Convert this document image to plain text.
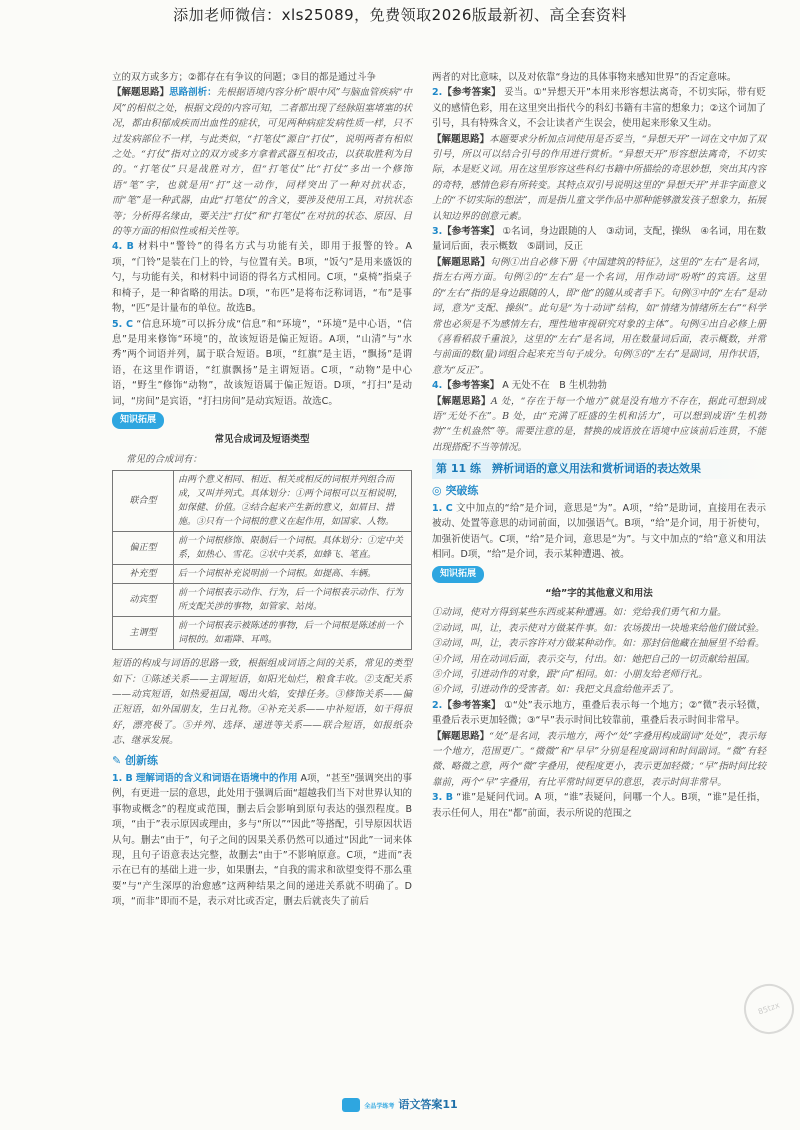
添加老师微信：xls25089，免费领取2026版最新初、高全套资料

立的双方或多方；②都存在有争议的问题；③目的都是通过斗争

【解题思路】思路剖析：先根据语境内容分析“眼中风”与脑血管疾病“中风”的相似之处，根据文段的内容可知，二者都出现了经脉阻塞堵塞的状况，都由积郁成疾而出血性的症状，可见两种病症发病性质一样，只不过发病部位不一样，与此类似，“打笔仗”源自“打仗”，说明两者有相似之处。“打仗”指对立的双方或多方拿着武器互相攻击，以获取胜利为目的。“打笔仗”只是战胜对方，但“打笔仗”比“打仗”多出一个修饰语“笔”字，也就是用“打”这一动作，同样突出了一种对抗状态，而“笔”是一种武器，由此“打笔仗”的含义，要涉及使用工具，对抗状态等；分析得名缘由，要关注“打仗”和“打笔仗”在对抗的状态、原因、目的等方面的相似性或相关性等。

4. B 材料中“警铃”的得名方式与功能有关，即用于报警的铃。A项，“门铃”是装在门上的铃，与位置有关。B项，“饭勺”是用来盛饭的勺，与功能有关，和材料中词语的得名方式相同。C项，“桌椅”指桌子和椅子，是一种省略的用法。D项，“布匹”是将布泛称词语，“布”是事物，“匹”是计量布的单位。故选B。

5. C “信息环境”可以拆分成“信息”和“环境”，“环境”是中心语，“信息”是用来修饰“环境”的，故该短语是偏正短语。A项，“山清”与“水秀”两个词语并列，属于联合短语。B项，“红旗”是主语，“飘扬”是谓语，在这里作谓语，“红旗飘扬”是主谓短语。C项，“动物”是中心语，“野生”修饰“动物”，故该短语属于偏正短语。D项，“打扫”是动词，“房间”是宾语，“打扫房间”是动宾短语。故选C。

知识拓展
常见合成词及短语类型
常见的合成词有：
联合型	由两个意义相同、相近、相关或相反的词根并列组合而成，又叫并列式。具体划分：①两个词根可以互相说明，如保健、价值。②结合起来产生新的意义，如眉目、措施。③只有一个词根的意义在起作用，如国家、人物。
偏正型	前一个词根修饰、限制后一个词根。具体划分：①定中关系，如热心、雪花。②状中关系，如蜂飞、笔直。
补充型	后一个词根补充说明前一个词根。如提高、车辆。
动宾型	前一个词根表示动作、行为，后一个词根表示动作、行为所支配关涉的事物，如管家、站岗。
主谓型	前一个词根表示被陈述的事物，后一个词根是陈述前一个词根的。如霜降、耳鸣。

短语的构成与词语的思路一致，根据组成词语之间的关系，常见的类型如下：①陈述关系——主谓短语，如阳光灿烂，粮食丰收。②支配关系——动宾短语，如热爱祖国，喝出火焰，安排任务。③修饰关系——偏正短语，如外国朋友，生日礼物。④补充关系——中补短语，如干得很好，漂亮极了。⑤并列、选择、递进等关系——联合短语，如报纸杂志、继承发展。

✎ 创新练

1. B 理解词语的含义和词语在语境中的作用 A项，“甚至”强调突出的事例，有更进一层的意思，此处用于强调后面“超越我们当下对世界认知的事物或概念”的程度或范围，删去后会影响到原句表达的强烈程度。B项，“由于”表示原因或理由，多与“所以”“因此”等搭配，引导原因状语从句。删去“由于”，句子之间的因果关系仍然可以通过“因此”一词来体现，且句子语意表达完整，故删去“由于”不影响原意。C项，“进而”表示在已有的基础上进一步，如果删去，“自我的需求和欲望变得不那么重要”与“产生深厚的治愈感”这两种结果之间的递进关系就不明确了。D项，“而非”即而不是，表示对比或否定，删去后就丧失了前后

两者的对比意味，以及对依靠“身边的具体事物来感知世界”的否定意味。

2.【参考答案】 妥当。①“异想天开”本用来形容想法离奇，不切实际，带有贬义的感情色彩，用在这里突出指代今的科幻书籍有丰富的想象力；②这个词加了引号，具有特殊含义，不会让读者产生误会，使用起来形象又生动。

【解题思路】本题要求分析加点词使用是否妥当，“异想天开”一词在文中加了双引号，所以可以结合引号的作用进行赏析。“异想天开”形容想法离奇，不切实际，本是贬义词。用在这里形容这些科幻书籍中所描绘的奇思妙想，突出其内容的奇特，感情色彩有所转变。其特点双引号说明这里的“异想天开”并非字面意义上的“不切实际的想法”，而是指儿童文学作品中那种能够激发孩子想象力，拓展认知边界的创意元素。

3.【参考答案】 ①名词，身边跟随的人　③动词，支配，操纵　④名词，用在数量词后面，表示概数　⑤副词，反正

【解题思路】句例①出自必修下册《中国建筑的特征》，这里的“左右”是名词，指左右两方面。句例②的“左右”是一个名词，用作动词“吩咐”的宾语。这里的“左右”指的是身边跟随的人，即“他”的随从或者手下。句例③中的“左右”是动词，意为“支配、操纵”。此句是“为十动词”结构，如“情绪为情绪所左右”“科学常也必须是不为感情左右，理性地审视研究对象的主体”。句例④出自必修上册《喜看稻菽千重浪》，这里的“左右”是名词，用在数量词后面，表示概数，并常与前面的数(量)词组合起来充当句子成分。句例⑤的“左右”是副词，用作状语，意为“反正”。

4.【参考答案】 A 无处不在　B 生机勃勃

【解题思路】A 处，“存在于每一个地方”就是没有地方不存在，据此可想到成语“无处不在”。B 处，由“充满了旺盛的生机和活力”，可以想到成语“生机勃勃”“生机盎然”等。需要注意的是，替换的成语放在语境中应该前后连贯，不能出现搭配不当等情况。

第 11 练　辨析词语的意义用法和赏析词语的表达效果
◎ 突破练

1. C 文中加点的“给”是介词，意思是“为”。A项，“给”是助词，直接用在表示被动、处置等意思的动词前面，以加强语气。B项，“给”是介词，用于祈使句，加强祈使语气。C项，“给”是介词，意思是“为”。与文中加点的“给”意义和用法相同。D项，“给”是介词，表示某种遭遇、被。

知识拓展
“给”字的其他意义和用法

①动词，使对方得到某些东西或某种遭遇。如：党给我们勇气和力量。

②动词，叫，让，表示使对方做某件事。如：农场拨出一块地来给他们做试验。

③动词，叫，让，表示容许对方做某种动作。如：那封信他藏在抽屉里不给看。

④介词，用在动词后面，表示交与，付出。如：她把自己的一切贡献给祖国。

⑤介词，引进动作的对象，跟“向”相同。如：小朋友给老师行礼。

⑥介词，引进动作的受害者。如：我把文具盒给他弄丢了。

2.【参考答案】 ①“处”表示地方，重叠后表示每一个地方；②“微”表示轻微，重叠后表示更加轻微；③“早”表示时间比较靠前，重叠后表示时间非常早。

【解题思路】“处”是名词，表示地方，两个“处”字叠用构成副词“处处”，表示每一个地方，范围更广。“微微”和“早早”分别是程度副词和时间副词。“微”有轻微、略微之意，两个“微”字叠用，使程度更小，表示更加轻微；“早”指时间比较靠前，两个“早”字叠用，有比平常时间更早的意思，表示时间非常早。

3. B “谁”是疑问代词。A 项，“谁”表疑问，问哪一个人。B项，“谁”是任指，表示任何人，用在“都”前面，表示所说的范围之

85tzx
全品学练考 语文答案11
